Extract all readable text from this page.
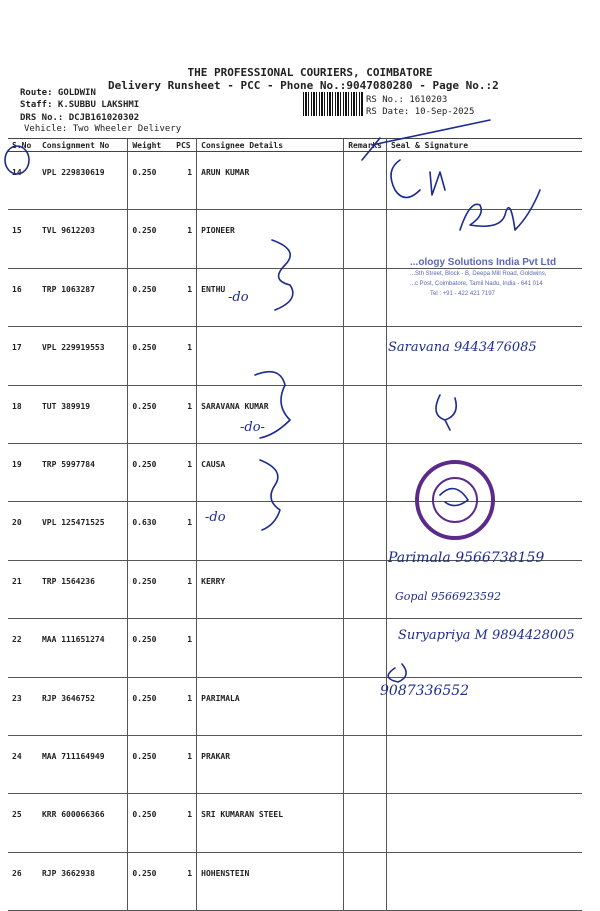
THE PROFESSIONAL COURIERS, COIMBATORE
Delivery Runsheet - PCC - Phone No.:9047080280 - Page No.:2
Route: GOLDWIN
Staff: K.SUBBU LAKSHMI
DRS No.: DCJB161020302
Vehicle: Two Wheeler Delivery
RS No.: 1610203
RS Date: 10-Sep-2025
S.No	Consignment No	Weight	PCS	Consignee Details	Remarks	Seal & Signature
14	VPL 229830619	0.250	1	ARUN KUMAR		
15	TVL 9612203	0.250	1	PIONEER		
16	TRP 1063287	0.250	1	ENTHU		
17	VPL 229919553	0.250	1			
18	TUT 389919	0.250	1	SARAVANA KUMAR		
19	TRP 5997784	0.250	1	CAUSA		
20	VPL 125471525	0.630	1			
21	TRP 1564236	0.250	1	KERRY		
22	MAA 111651274	0.250	1			
23	RJP 3646752	0.250	1	PARIMALA		
24	MAA 711164949	0.250	1	PRAKAR		
25	KRR 600066366	0.250	1	SRI KUMARAN STEEL		
26	RJP 3662938	0.250	1	HOHENSTEIN		
...ology Solutions India Pvt Ltd
...Sth Street, Block - B, Deepa Mill Road, Goldwins,
...c Post, Coimbatore, Tamil Nadu, India - 641 014
Tel : +91 - 422 421 7197
-do
-do-
-do
Saravana 9443476085
Parimala 9566738159
Gopal 9566923592
Suryapriya M 9894428005
9087336552
